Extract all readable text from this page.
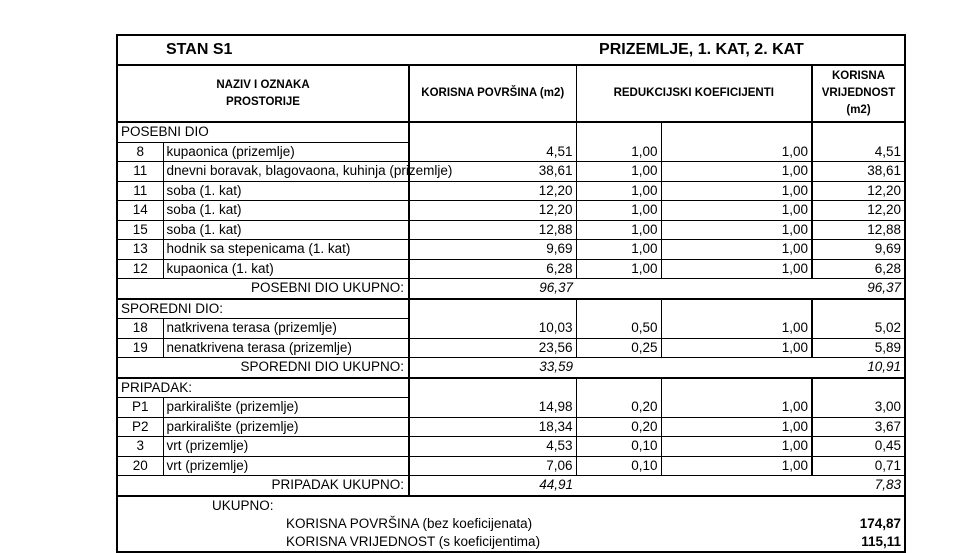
STAN S1		PRIZEMLJE, 1. KAT, 2. KAT			
NAZIV I OZNAKA
PROSTORIJE		KORISNA POVRŠINA (m2)	REDUKCIJSKI KOEFICIJENTI		KORISNA
VRIJEDNOST
(m2)
POSEBNI DIO					
8	kupaonica (prizemlje)	4,51	1,00	1,00	4,51
11	dnevni boravak, blagovaona, kuhinja (prizemlje)	38,61	1,00	1,00	38,61
11	soba (1. kat)	12,20	1,00	1,00	12,20
14	soba (1. kat)	12,20	1,00	1,00	12,20
15	soba (1. kat)	12,88	1,00	1,00	12,88
13	hodnik sa stepenicama (1. kat)	9,69	1,00	1,00	9,69
12	kupaonica (1. kat)	6,28	1,00	1,00	6,28
POSEBNI DIO UKUPNO:		96,37			96,37
SPOREDNI DIO:					
18	natkrivena terasa (prizemlje)	10,03	0,50	1,00	5,02
19	nenatkrivena terasa (prizemlje)	23,56	0,25	1,00	5,89
SPOREDNI DIO UKUPNO:		33,59			10,91
PRIPADAK:					
P1	parkiralište (prizemlje)	14,98	0,20	1,00	3,00
P2	parkiralište (prizemlje)	18,34	0,20	1,00	3,67
3	vrt (prizemlje)	4,53	0,10	1,00	0,45
20	vrt (prizemlje)	7,06	0,10	1,00	0,71
PRIPADAK UKUPNO:		44,91			7,83
UKUPNO:					
KORISNA POVRŠINA (bez koeficijenata)					174,87
KORISNA VRIJEDNOST (s koeficijentima)					115,11
